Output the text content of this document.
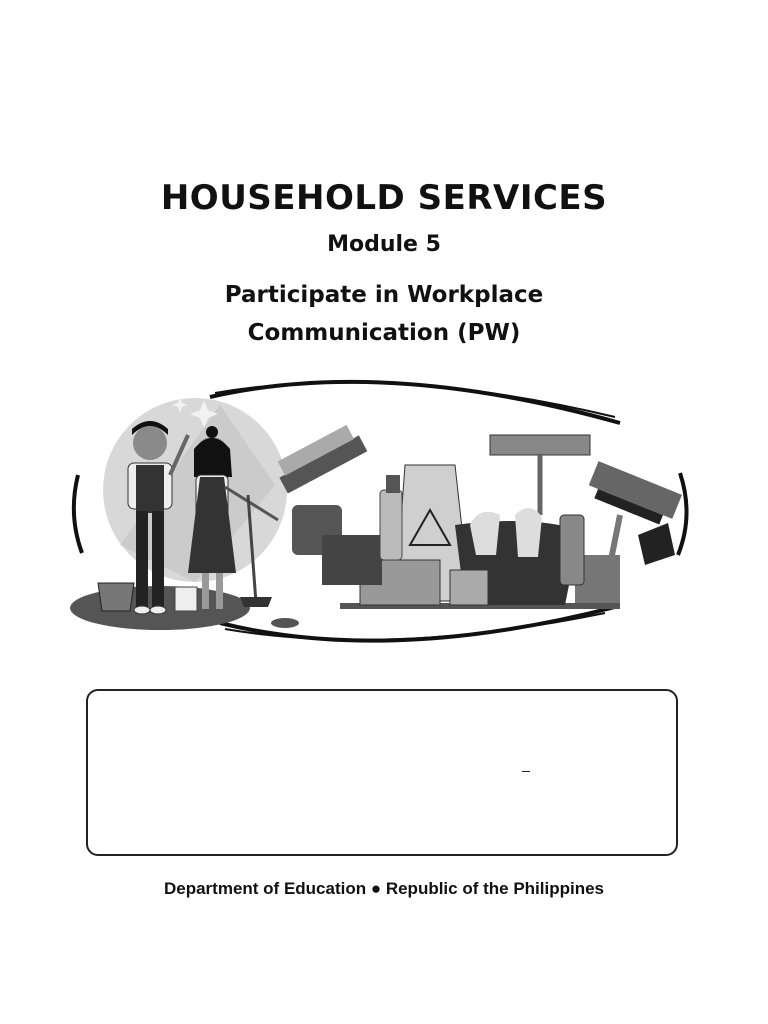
HOUSEHOLD SERVICES
Module 5
Participate in Workplace
Communication (PW)
Department of Education ● Republic of the Philippines
